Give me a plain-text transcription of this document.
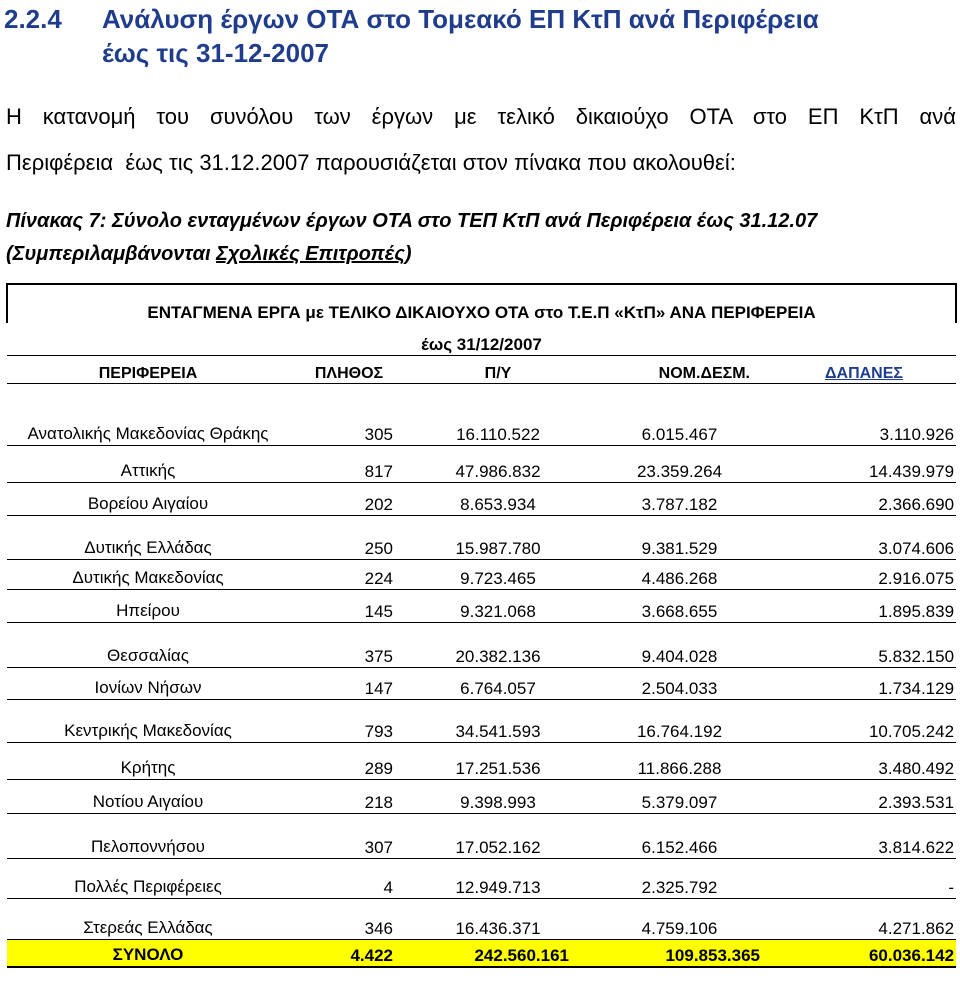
2.2.4 Ανάλυση έργων ΟΤΑ στο Τομεακό ΕΠ ΚτΠ ανά Περιφέρεια
έως τις 31-12-2007
Η κατανομή του συνόλου των έργων με τελικό δικαιούχο ΟΤΑ στο ΕΠ ΚτΠ ανά
Περιφέρεια  έως τις 31.12.2007 παρουσιάζεται στον πίνακα που ακολουθεί:
Πίνακας 7: Σύνολο ενταγμένων έργων ΟΤΑ στο ΤΕΠ ΚτΠ ανά Περιφέρεια έως 31.12.07
(Συμπεριλαμβάνονται Σχολικές Επιτροπές)
ΕΝΤΑΓΜΕΝΑ ΕΡΓΑ με ΤΕΛΙΚΟ ΔΙΚΑΙΟΥΧΟ ΟΤΑ στο Τ.Ε.Π «ΚτΠ» ΑΝΑ ΠΕΡΙΦΕΡΕΙΑ				
έως 31/12/2007				
ΠΕΡΙΦΕΡΕΙΑ	ΠΛΗΘΟΣ	Π/Υ	ΝΟΜ.ΔΕΣΜ.	ΔΑΠΑΝΕΣ
Ανατολικής Μακεδονίας Θράκης	305	16.110.522	6.015.467	3.110.926
Αττικής	817	47.986.832	23.359.264	14.439.979
Βορείου Αιγαίου	202	8.653.934	3.787.182	2.366.690
Δυτικής Ελλάδας	250	15.987.780	9.381.529	3.074.606
Δυτικής Μακεδονίας	224	9.723.465	4.486.268	2.916.075
Ηπείρου	145	9.321.068	3.668.655	1.895.839
Θεσσαλίας	375	20.382.136	9.404.028	5.832.150
Ιονίων Νήσων	147	6.764.057	2.504.033	1.734.129
Κεντρικής Μακεδονίας	793	34.541.593	16.764.192	10.705.242
Κρήτης	289	17.251.536	11.866.288	3.480.492
Νοτίου Αιγαίου	218	9.398.993	5.379.097	2.393.531
Πελοποννήσου	307	17.052.162	6.152.466	3.814.622
Πολλές Περιφέρειες	4	12.949.713	2.325.792	-
Στερεάς Ελλάδας	346	16.436.371	4.759.106	4.271.862
ΣΥΝΟΛΟ	4.422	242.560.161	109.853.365	60.036.142
